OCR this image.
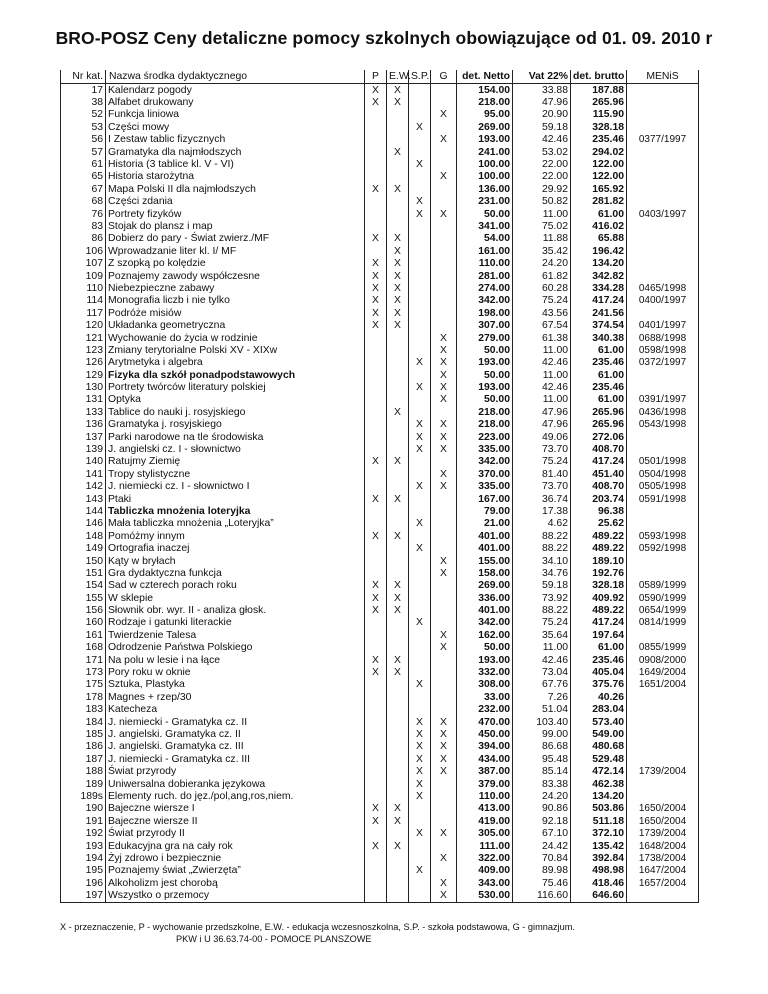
BRO-POSZ Ceny detaliczne pomocy szkolnych obowiązujące od 01. 09. 2010 r
Nr kat.	Nazwa środka dydaktycznego	P	E.W.	S.P.	G	det. Netto	Vat 22%	det. brutto	MENiS
17	Kalendarz pogody	X	X			154.00	33.88	187.88	
38	Alfabet drukowany	X	X			218.00	47.96	265.96	
52	Funkcja liniowa				X	95.00	20.90	115.90	
53	Części mowy			X		269.00	59.18	328.18	
56	I Zestaw tablic fizycznych				X	193.00	42.46	235.46	0377/1997
57	Gramatyka dla najmłodszych		X			241.00	53.02	294.02	
61	Historia (3 tablice kl. V - VI)			X		100.00	22.00	122.00	
65	Historia starożytna				X	100.00	22.00	122.00	
67	Mapa Polski II dla najmłodszych	X	X			136.00	29.92	165.92	
68	Części zdania			X		231.00	50.82	281.82	
76	Portrety fizyków			X	X	50.00	11.00	61.00	0403/1997
83	Stojak do plansz i map					341.00	75.02	416.02	
86	Dobierz do pary - Świat zwierz./MF	X	X			54.00	11.88	65.88	
106	Wprowadzanie liter kl. I/ MF		X			161.00	35.42	196.42	
107	Z szopką po kolędzie	X	X			110.00	24.20	134.20	
109	Poznajemy zawody współczesne	X	X			281.00	61.82	342.82	
110	Niebezpieczne zabawy	X	X			274.00	60.28	334.28	0465/1998
114	Monografia liczb i nie tylko	X	X			342.00	75.24	417.24	0400/1997
117	Podróże misiów	X	X			198.00	43.56	241.56	
120	Układanka geometryczna	X	X			307.00	67.54	374.54	0401/1997
121	Wychowanie do życia w rodzinie				X	279.00	61.38	340.38	0688/1998
123	Zmiany terytorialne Polski XV - XIXw				X	50.00	11.00	61.00	0598/1998
126	Arytmetyka i algebra			X	X	193.00	42.46	235.46	0372/1997
129	Fizyka dla szkół ponadpodstawowych				X	50.00	11.00	61.00	
130	Portrety twórców literatury polskiej			X	X	193.00	42.46	235.46	
131	Optyka				X	50.00	11.00	61.00	0391/1997
133	Tablice do nauki j. rosyjskiego		X			218.00	47.96	265.96	0436/1998
136	Gramatyka j. rosyjskiego			X	X	218.00	47.96	265.96	0543/1998
137	Parki narodowe na tle środowiska			X	X	223.00	49.06	272.06	
139	J. angielski cz. I - słownictwo			X	X	335.00	73.70	408.70	
140	Ratujmy Ziemię	X	X			342.00	75.24	417.24	0501/1998
141	Tropy stylistyczne				X	370.00	81.40	451.40	0504/1998
142	J. niemiecki cz. I - słownictwo I			X	X	335.00	73.70	408.70	0505/1998
143	Ptaki	X	X			167.00	36.74	203.74	0591/1998
144	Tabliczka mnożenia loteryjka					79.00	17.38	96.38	
146	Mała tabliczka mnożenia „Loteryjka”			X		21.00	4.62	25.62	
148	Pomóżmy innym	X	X			401.00	88.22	489.22	0593/1998
149	Ortografia inaczej			X		401.00	88.22	489.22	0592/1998
150	Kąty w bryłach				X	155.00	34.10	189.10	
151	Gra dydaktyczna funkcja				X	158.00	34.76	192.76	
154	Sad w czterech porach roku	X	X			269.00	59.18	328.18	0589/1999
155	W sklepie	X	X			336.00	73.92	409.92	0590/1999
156	Słownik obr. wyr. II - analiza głosk.	X	X			401.00	88.22	489.22	0654/1999
160	Rodzaje i gatunki literackie			X		342.00	75.24	417.24	0814/1999
161	Twierdzenie Talesa				X	162.00	35.64	197.64	
168	Odrodzenie Państwa Polskiego				X	50.00	11.00	61.00	0855/1999
171	Na polu w lesie i na łące	X	X			193.00	42.46	235.46	0908/2000
173	Pory roku w oknie	X	X			332.00	73.04	405.04	1649/2004
175	Sztuka, Plastyka			X		308.00	67.76	375.76	1651/2004
178	Magnes + rzep/30					33.00	7.26	40.26	
183	Katecheza					232.00	51.04	283.04	
184	J. niemiecki - Gramatyka cz. II			X	X	470.00	103.40	573.40	
185	J. angielski. Gramatyka cz. II			X	X	450.00	99.00	549.00	
186	J. angielski. Gramatyka cz. III			X	X	394.00	86.68	480.68	
187	J. niemiecki - Gramatyka cz. III			X	X	434.00	95.48	529.48	
188	Świat przyrody			X	X	387.00	85.14	472.14	1739/2004
189	Uniwersalna dobieranka językowa			X		379.00	83.38	462.38	
189s	Elementy ruch. do jęz./pol,ang,ros,niem.			X		110.00	24.20	134.20	
190	Bajeczne wiersze I	X	X			413.00	90.86	503.86	1650/2004
191	Bajeczne wiersze II	X	X			419.00	92.18	511.18	1650/2004
192	Świat przyrody II			X	X	305.00	67.10	372.10	1739/2004
193	Edukacyjna gra na cały rok	X	X			111.00	24.42	135.42	1648/2004
194	Żyj zdrowo i bezpiecznie				X	322.00	70.84	392.84	1738/2004
195	Poznajemy świat „Zwierzęta”			X		409.00	89.98	498.98	1647/2004
196	Alkoholizm jest chorobą				X	343.00	75.46	418.46	1657/2004
197	Wszystko o przemocy				X	530.00	116.60	646.60	
X - przeznaczenie, P - wychowanie przedszkolne, E.W. - edukacja wczesnoszkolna, S.P. - szkoła podstawowa, G - gimnazjum.
PKW i U 36.63.74-00 - POMOCE PLANSZOWE
